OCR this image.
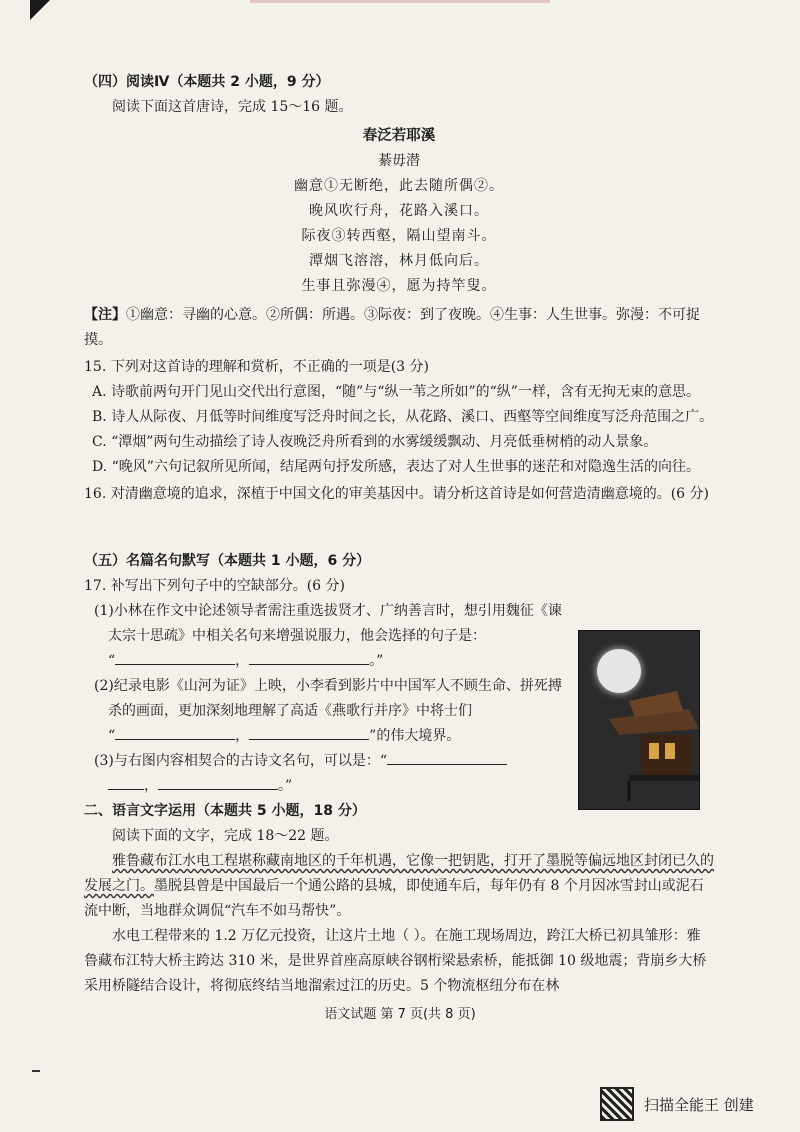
（四）阅读Ⅳ（本题共 2 小题，9 分）

阅读下面这首唐诗，完成 15～16 题。

春泛若耶溪
綦毋潜
幽意①无断绝，此去随所偶②。
晚风吹行舟，花路入溪口。
际夜③转西壑，隔山望南斗。
潭烟飞溶溶，林月低向后。
生事且弥漫④，愿为持竿叟。

【注】①幽意：寻幽的心意。②所偶：所遇。③际夜：到了夜晚。④生事：人生世事。弥漫：不可捉摸。

15. 下列对这首诗的理解和赏析，不正确的一项是(3 分)

A. 诗歌前两句开门见山交代出行意图，“随”与“纵一苇之所如”的“纵”一样，含有无拘无束的意思。

B. 诗人从际夜、月低等时间维度写泛舟时间之长，从花路、溪口、西壑等空间维度写泛舟范围之广。

C. “潭烟”两句生动描绘了诗人夜晚泛舟所看到的水雾缓缓飘动、月亮低垂树梢的动人景象。

D. “晚风”六句记叙所见所闻，结尾两句抒发所感，表达了对人生世事的迷茫和对隐逸生活的向往。

16. 对清幽意境的追求，深植于中国文化的审美基因中。请分析这首诗是如何营造清幽意境的。(6 分)

（五）名篇名句默写（本题共 1 小题，6 分）

17. 补写出下列句子中的空缺部分。(6 分)

(1)小林在作文中论述领导者需注重选拔贤才、广纳善言时，想引用魏征《谏太宗十思疏》中相关名句来增强说服力，他会选择的句子是：

“	，	。”

(2)纪录电影《山河为证》上映，小李看到影片中中国军人不顾生命、拼死搏杀的画面，更加深刻地理解了高适《燕歌行并序》中将士们

“	，	”的伟大境界。

(3)与右图内容相契合的古诗文名句，可以是：“

，	。”

二、语言文字运用（本题共 5 小题，18 分）

阅读下面的文字，完成 18～22 题。

雅鲁藏布江水电工程堪称藏南地区的千年机遇，它像一把钥匙，打开了墨脱等偏远地区封闭已久的发展之门。墨脱县曾是中国最后一个通公路的县城，即使通车后，每年仍有 8 个月因冰雪封山或泥石流中断，当地群众调侃“汽车不如马帮快”。

水电工程带来的 1.2 万亿元投资，让这片土地（ ）。在施工现场周边，跨江大桥已初具雏形：雅鲁藏布江特大桥主跨达 310 米，是世界首座高原峡谷钢桁梁悬索桥，能抵御 10 级地震；背崩乡大桥采用桥隧结合设计，将彻底终结当地溜索过江的历史。5 个物流枢纽分布在林

语文试题 第 7 页(共 8 页)
扫描全能王 创建
